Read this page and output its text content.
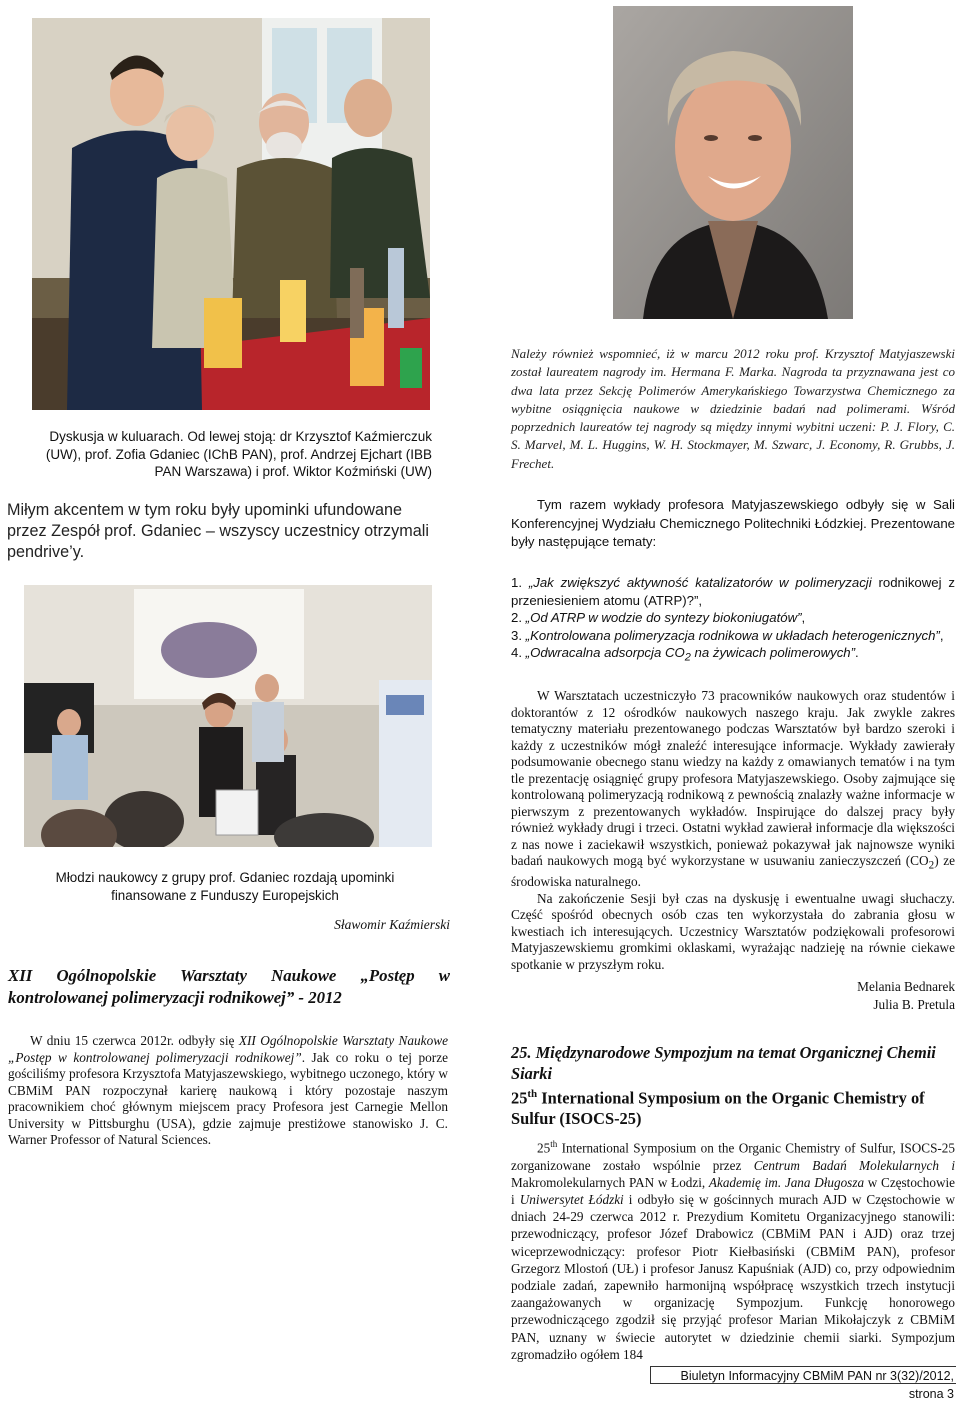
Dyskusja w kuluarach. Od lewej stoją: dr Krzysztof Kaźmierczuk (UW), prof. Zofia Gdaniec (IChB PAN), prof. Andrzej Ejchart (IBB PAN Warszawa) i prof. Wiktor Koźmiński (UW)
Miłym akcentem w tym roku były upominki ufundowane przez Zespół prof. Gdaniec – wszyscy uczestnicy otrzymali pendrive’y.
Należy również wspomnieć, iż w marcu 2012 roku prof. Krzysztof Matyjaszewski został laureatem nagrody im. Hermana F. Marka. Nagroda ta przyznawana jest co dwa lata przez Sekcję Polimerów Amerykańskiego Towarzystwa Chemicznego za wybitne osiągnięcia naukowe w dziedzinie badań nad polimerami. Wśród poprzednich laureatów tej nagrody są między innymi wybitni uczeni: P. J. Flory, C. S. Marvel, M. L. Huggins, W. H. Stockmayer, M. Szwarc, J. Economy, R. Grubbs, J. Frechet.
Tym razem wykłady profesora Matyjaszewskiego odbyły się w Sali Konferencyjnej Wydziału Chemicznego Politechniki Łódzkiej. Prezentowane były następujące tematy:
1. „Jak zwiększyć aktywność katalizatorów w polimeryzacji rodnikowej z przeniesieniem atomu (ATRP)?”,
2. „Od ATRP w wodzie do syntezy biokoniugatów”,
3. „Kontrolowana polimeryzacja rodnikowa w układach heterogenicznych”,
4. „Odwracalna adsorpcja $CO_2$ na żywicach polimerowych”.
Młodzi naukowcy z grupy prof. Gdaniec rozdają upominki finansowane z Funduszy Europejskich
Sławomir Kaźmierski
XII Ogólnopolskie Warsztaty Naukowe „Postęp w kontrolowanej polimeryzacji rodnikowej” - 2012
W dniu 15 czerwca 2012r. odbyły się XII Ogólnopolskie Warsztaty Naukowe „Postęp w kontrolowanej polimeryzacji rodnikowej”. Jak co roku o tej porze gościliśmy profesora Krzysztofa Matyjaszewskiego, wybitnego uczonego, który w CBMiM PAN rozpoczynał karierę naukową i który pozostaje naszym pracownikiem choć głównym miejscem pracy Profesora jest Carnegie Mellon University w Pittsburghu (USA), gdzie zajmuje prestiżowe stanowisko J. C. Warner Professor of Natural Sciences.

W Warsztatach uczestniczyło 73 pracowników naukowych oraz studentów i doktorantów z 12 ośrodków naukowych naszego kraju. Jak zwykle zakres tematyczny materiału prezentowanego podczas Warsztatów był bardzo szeroki i każdy z uczestników mógł znaleźć interesujące informacje. Wykłady zawierały podsumowanie obecnego stanu wiedzy na każdy z omawianych tematów i na tym tle prezentację osiągnięć grupy profesora Matyjaszewskiego. Osoby zajmujące się kontrolowaną polimeryzacją rodnikową z pewnością znalazły ważne informacje w pierwszym z prezentowanych wykładów. Inspirujące do dalszej pracy były również wykłady drugi i trzeci. Ostatni wykład zawierał informacje dla większości z nas nowe i zaciekawił wszystkich, ponieważ pokazywał jak najnowsze wyniki badań naukowych mogą być wykorzystane w usuwaniu zanieczyszczeń $(CO_2)$ ze środowiska naturalnego.

Na zakończenie Sesji był czas na dyskusję i ewentualne uwagi słuchaczy. Część spośród obecnych osób czas ten wykorzystała do zabrania głosu w kwestiach ich interesujących. Uczestnicy Warsztatów podziękowali profesorowi Matyjaszewskiemu gromkimi oklaskami, wyrażając nadzieję na równie ciekawe spotkanie w przyszłym roku.

Melania Bednarek
Julia B. Pretula
25. Międzynarodowe Sympozjum na temat Organicznej Chemii Siarki
25th International Symposium on the Organic Chemistry of Sulfur (ISOCS-25)
25th International Symposium on the Organic Chemistry of Sulfur, ISOCS-25 zorganizowane zostało wspólnie przez Centrum Badań Molekularnych i Makromolekularnych PAN w Łodzi, Akademię im. Jana Długosza w Częstochowie i Uniwersytet Łódzki i odbyło się w gościnnych murach AJD w Częstochowie w dniach 24-29 czerwca 2012 r. Prezydium Komitetu Organizacyjnego stanowili: przewodniczący, profesor Józef Drabowicz (CBMiM PAN i AJD) oraz trzej wiceprzewodniczący: profesor Piotr Kiełbasiński (CBMiM PAN), profesor Grzegorz Mlostoń (UŁ) i profesor Janusz Kapuśniak (AJD) co, przy odpowiednim podziale zadań, zapewniło harmonijną współpracę wszystkich trzech instytucji zaangażowanych w organizację Sympozjum. Funkcję honorowego przewodniczącego zgodził się przyjąć profesor Marian Mikołajczyk z CBMiM PAN, uznany w świecie autorytet w dziedzinie chemii siarki. Sympozjum zgromadziło ogółem 184
Biuletyn Informacyjny CBMiM PAN nr 3(32)/2012, strona 3
